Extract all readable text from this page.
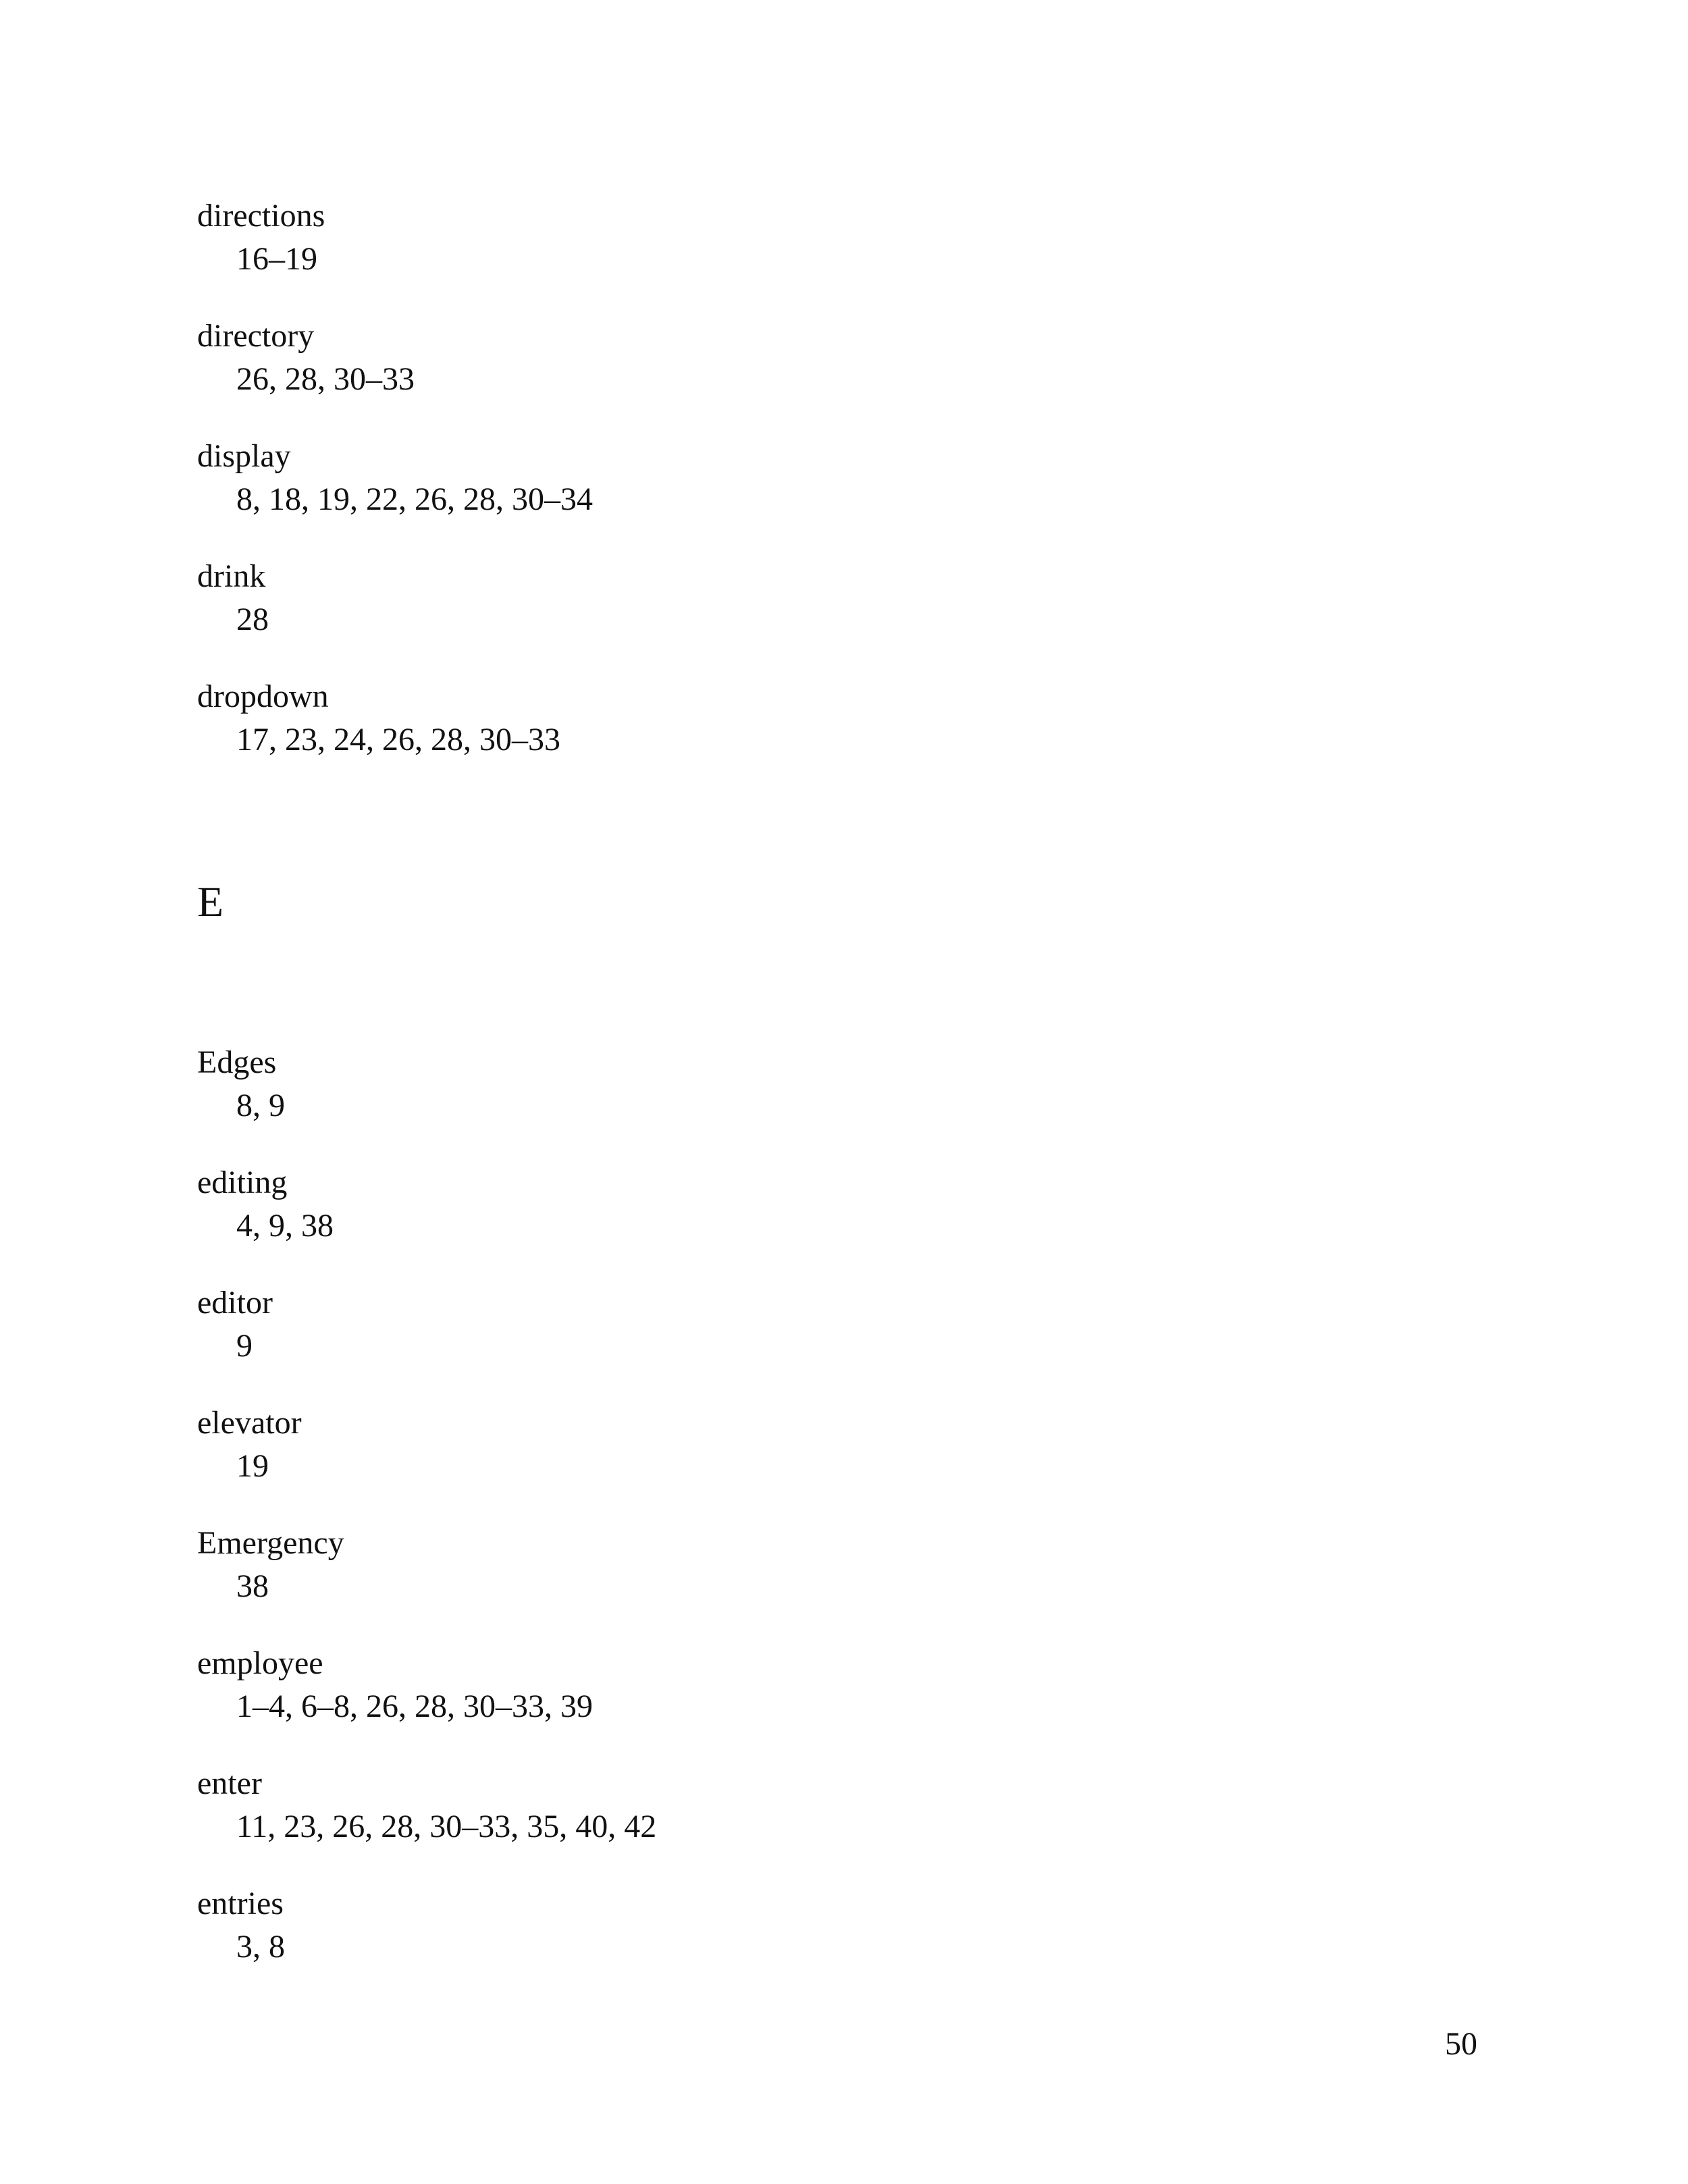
directions
16–19
directory
26, 28, 30–33
display
8, 18, 19, 22, 26, 28, 30–34
drink
28
dropdown
17, 23, 24, 26, 28, 30–33
E
Edges
8, 9
editing
4, 9, 38
editor
9
elevator
19
Emergency
38
employee
1–4, 6–8, 26, 28, 30–33, 39
enter
11, 23, 26, 28, 30–33, 35, 40, 42
entries
3, 8
50
